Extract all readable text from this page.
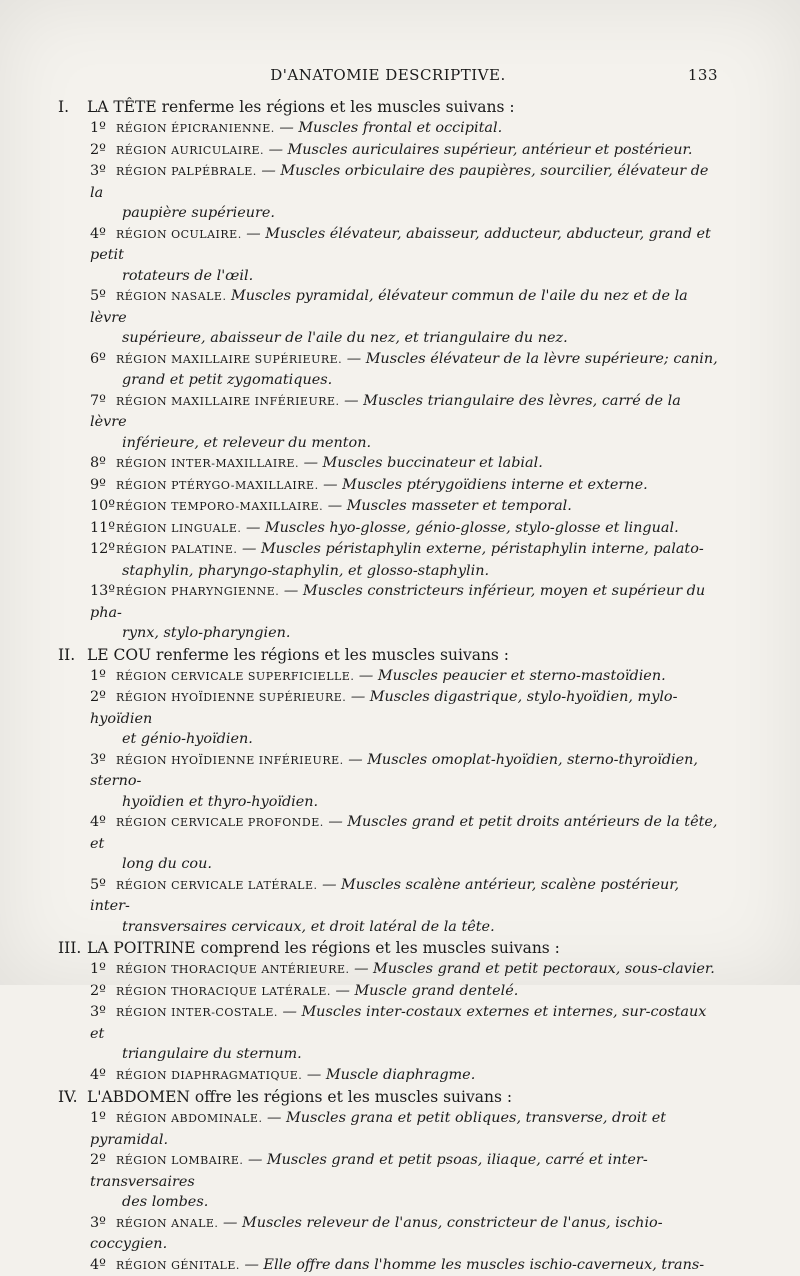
D'ANATOMIE DESCRIPTIVE.	133
I. LA TÊTE renferme les régions et les muscles suivans :
1º RÉGION ÉPICRANIENNE. — Muscles frontal et occipital.
2º RÉGION AURICULAIRE. — Muscles auriculaires supérieur, antérieur et postérieur.
3º RÉGION PALPÉBRALE. — Muscles orbiculaire des paupières, sourcilier, élévateur de la
paupière supérieure.
4º RÉGION OCULAIRE. — Muscles élévateur, abaisseur, adducteur, abducteur, grand et petit
rotateurs de l'œil.
5º RÉGION NASALE. Muscles pyramidal, élévateur commun de l'aile du nez et de la lèvre
supérieure, abaisseur de l'aile du nez, et triangulaire du nez.
6º RÉGION MAXILLAIRE SUPÉRIEURE. — Muscles élévateur de la lèvre supérieure; canin,
grand et petit zygomatiques.
7º RÉGION MAXILLAIRE INFÉRIEURE. — Muscles triangulaire des lèvres, carré de la lèvre
inférieure, et releveur du menton.
8º RÉGION INTER-MAXILLAIRE. — Muscles buccinateur et labial.
9º RÉGION PTÉRYGO-MAXILLAIRE. — Muscles ptérygoïdiens interne et externe.
10ºRÉGION TEMPORO-MAXILLAIRE. — Muscles masseter et temporal.
11ºRÉGION LINGUALE. — Muscles hyo-glosse, génio-glosse, stylo-glosse et lingual.
12ºRÉGION PALATINE. — Muscles péristaphylin externe, péristaphylin interne, palato-
staphylin, pharyngo-staphylin, et glosso-staphylin.
13ºRÉGION PHARYNGIENNE. — Muscles constricteurs inférieur, moyen et supérieur du pha-
rynx, stylo-pharyngien.
II. LE COU renferme les régions et les muscles suivans :
1º RÉGION CERVICALE SUPERFICIELLE. — Muscles peaucier et sterno-mastoïdien.
2º RÉGION HYOÏDIENNE SUPÉRIEURE. — Muscles digastrique, stylo-hyoïdien, mylo-hyoïdien
et génio-hyoïdien.
3º RÉGION HYOÏDIENNE INFÉRIEURE. — Muscles omoplat-hyoïdien, sterno-thyroïdien, sterno-
hyoïdien et thyro-hyoïdien.
4º RÉGION CERVICALE PROFONDE. — Muscles grand et petit droits antérieurs de la tête, et
long du cou.
5º RÉGION CERVICALE LATÉRALE. — Muscles scalène antérieur, scalène postérieur, inter-
transversaires cervicaux, et droit latéral de la tête.
III. LA POITRINE comprend les régions et les muscles suivans :
1º RÉGION THORACIQUE ANTÉRIEURE. — Muscles grand et petit pectoraux, sous-clavier.
2º RÉGION THORACIQUE LATÉRALE. — Muscle grand dentelé.
3º RÉGION INTER-COSTALE. — Muscles inter-costaux externes et internes, sur-costaux et
triangulaire du sternum.
4º RÉGION DIAPHRAGMATIQUE. — Muscle diaphragme.
IV. L'ABDOMEN offre les régions et les muscles suivans :
1º RÉGION ABDOMINALE. — Muscles grana et petit obliques, transverse, droit et pyramidal.
2º RÉGION LOMBAIRE. — Muscles grand et petit psoas, iliaque, carré et inter-transversaires
des lombes.
3º RÉGION ANALE. — Muscles releveur de l'anus, constricteur de l'anus, ischio-coccygien.
4º RÉGION GÉNITALE. — Elle offre dans l'homme les muscles ischio-caverneux, trans-
